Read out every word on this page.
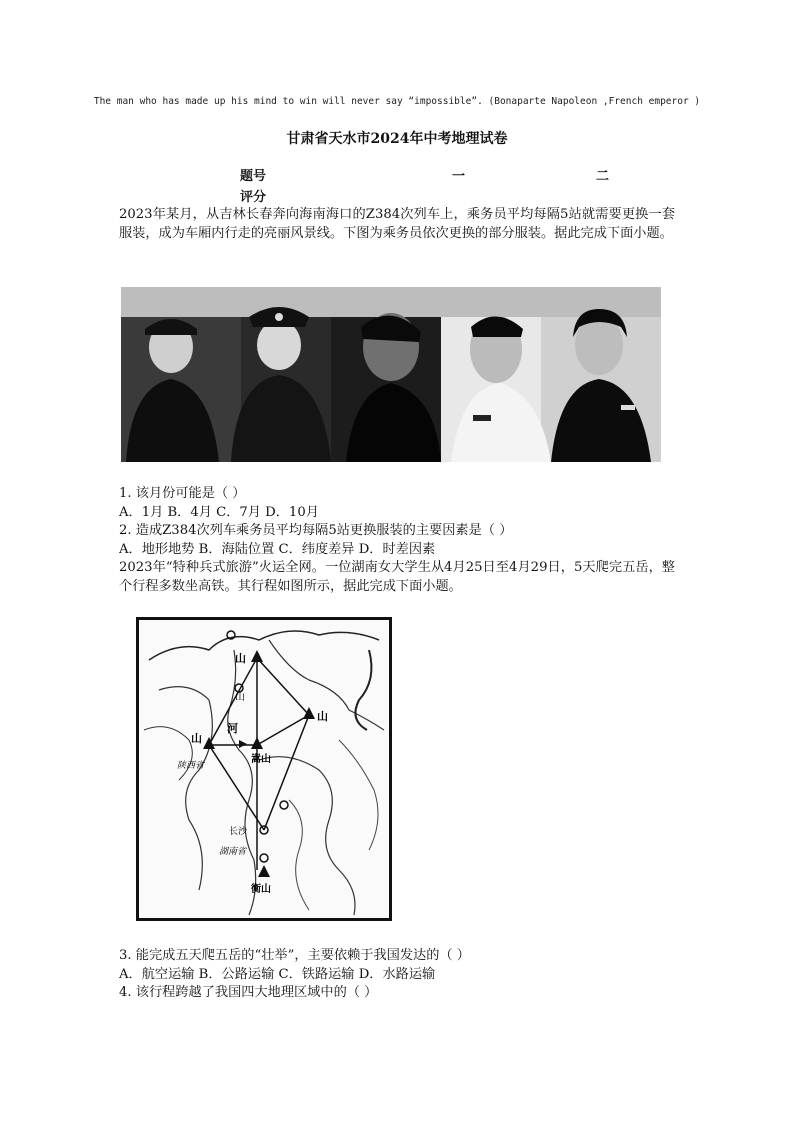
The man who has made up his mind to win will never say “impossible”. (Bonaparte Napoleon ,French emperor )
甘肃省天水市2024年中考地理试卷
题号	一	二
评分
2023年某月，从吉林长春奔向海南海口的Z384次列车上，乘务员平均每隔5站就需要更换一套服装，成为车厢内行走的亮丽风景线。下图为乘务员依次更换的部分服装。据此完成下面小题。
1. 该月份可能是（ ）
A．1月 B．4月 C．7月 D．10月
2. 造成Z384次列车乘务员平均每隔5站更换服装的主要因素是（ ）
A．地形地势 B．海陆位置 C．纬度差异 D．时差因素
2023年“特种兵式旅游”火运全网。一位湖南女大学生从4月25日至4月29日，5天爬完五岳，整个行程多数坐高铁。其行程如图所示，据此完成下面小题。
山
山
山
嵩山
衡山
陕西省
湖南省
河
山
长沙
3. 能完成五天爬五岳的“壮举”，主要依赖于我国发达的（ ）
A．航空运输 B．公路运输 C．铁路运输 D．水路运输
4. 该行程跨越了我国四大地理区域中的（ ）
